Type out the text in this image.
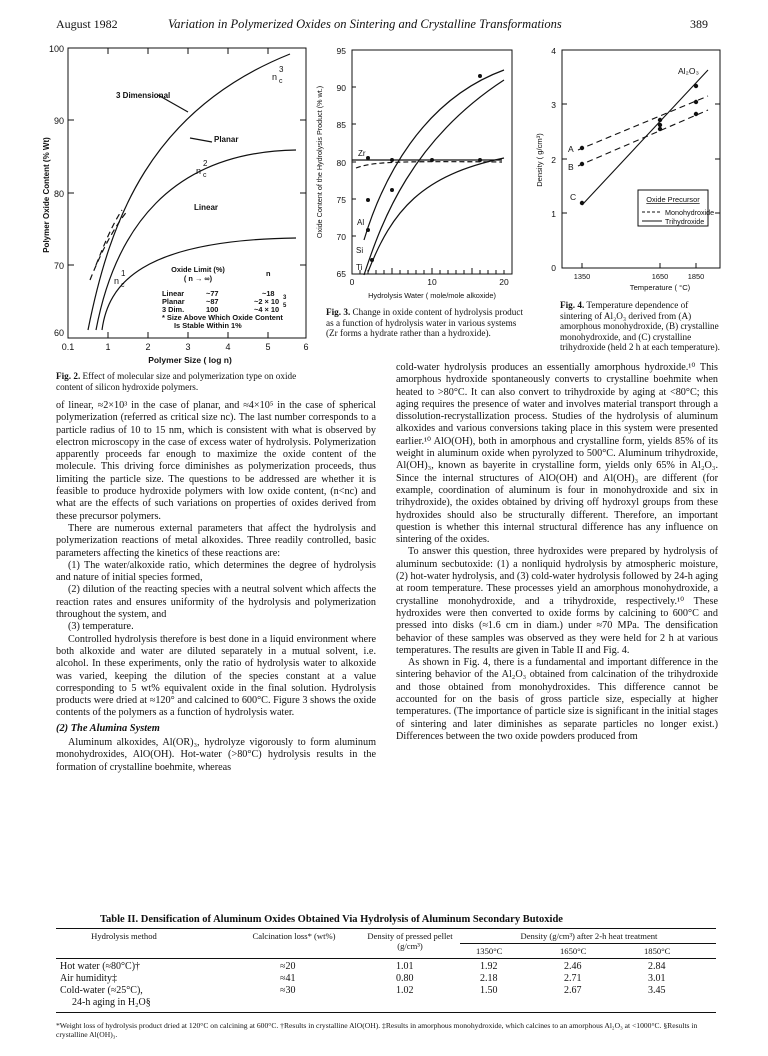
August 1982	Variation in Polymerized Oxides on Sintering and Crystalline Transformations	389
100
90
80
70
60
0.1	1	2	3	4	5	6
Polymer Size ( log n)
Polymer Oxide Content (% Wt)
3 Dimensional
Planar
Linear
n c
3
n c
2
n c
1	Oxide Limit (%)
( n → ∞)
n
Linear	~77	~18
Planar	~87	~2 × 10 3
3 Dim.	100	~4 × 10 5
* Size Above Which Oxide Content
Is Stable Within 1%
Fig. 2. Effect of molecular size and polymerization type on oxide content of silicon hydroxide polymers.
95
90
85
80
75
70
65
0	10	20
Hydrolysis Water ( mole/mole alkoxide)
Oxide Content of the Hydrolysis Product (% wt.)	Zr
Al
Si
Ti
Fig. 3. Change in oxide content of hydrolysis product as a function of hydrolysis water in various systems (Zr forms a hydrate rather than a hydroxide).
4
3
2
1
0
1350	1650	1850
Temperature ( °C)
Density ( g/cm³)
Al₂O₃
A
B
C	Oxide Precursor
Monohydroxide
Trihydroxide
Fig. 4. Temperature dependence of sintering of Al₂O₃ derived from (A) amorphous monohydroxide, (B) crystalline monohydroxide, and (C) crystalline trihydroxide (held 2 h at each temperature).

of linear, ≈2×10³ in the case of planar, and ≈4×10⁵ in the case of spherical polymerization (referred as critical size nc). The last number corresponds to a particle radius of 10 to 15 nm, which is consistent with what is observed by electron microscopy in the case of excess water of hydrolysis. Polymerization apparently proceeds far enough to maximize the oxide content of the molecule. This driving force diminishes as polymerization proceeds, thus limiting the particle size. The questions to be addressed are whether it is feasible to produce hydroxide polymers with low oxide content, (n<nc) and what are the effects of such variations on properties of oxides derived from these precursor polymers.

There are numerous external parameters that affect the hydrolysis and polymerization reactions of metal alkoxides. Three readily controlled, basic parameters affecting the kinetics of these reactions are:

(1) The water/alkoxide ratio, which determines the degree of hydrolysis and nature of initial species formed,

(2) dilution of the reacting species with a neutral solvent which affects the reaction rates and ensures uniformity of the hydrolysis and polymerization throughout the system, and

(3) temperature.

Controlled hydrolysis therefore is best done in a liquid environment where both alkoxide and water are diluted separately in a mutual solvent, i.e. alcohol. In these experiments, only the ratio of hydrolysis water to alkoxide was varied, keeping the dilution of the species constant at a value corresponding to 5 wt% equivalent oxide in the final solution. Hydrolysis products were dried at ≈120° and calcined to 600°C. Figure 3 shows the oxide contents of the polymers as a function of hydrolysis water.

(2) The Alumina System

Aluminum alkoxides, Al(OR)₃, hydrolyze vigorously to form aluminum monohydroxides, AlO(OH). Hot-water (>80°C) hydrolysis results in the formation of crystalline boehmite, whereas

cold-water hydrolysis produces an essentially amorphous hydroxide.¹⁰ This amorphous hydroxide spontaneously converts to crystalline boehmite when heated to >80°C. It can also convert to trihydroxide by aging at <80°C; this aging requires the presence of water and involves material transport through a dissolution-recrystallization process. Studies of the hydrolysis of aluminum alkoxides and various conversions taking place in this system were presented earlier.¹⁰ AlO(OH), both in amorphous and crystalline form, yields 85% of its weight in aluminum oxide when pyrolyzed to 500°C. Aluminum trihydroxide, Al(OH)₃, known as bayerite in crystalline form, yields only 65% in Al₂O₃. Since the internal structures of AlO(OH) and Al(OH)₃ are different (for example, coordination of aluminum is four in monohydroxide and six in trihydroxide), the oxides obtained by driving off hydroxyl groups from these hydroxides should also be structurally different. Therefore, an important question is whether this internal structural difference has any influence on sintering of the oxides.

To answer this question, three hydroxides were prepared by hydrolysis of aluminum secbutoxide: (1) a nonliquid hydrolysis by atmospheric moisture, (2) hot-water hydrolysis, and (3) cold-water hydrolysis followed by 24-h aging at room temperature. These processes yield an amorphous monohydroxide, a crystalline monohydroxide, and a trihydroxide, respectively.¹⁰ These hydroxides were then converted to oxide forms by calcining to 600°C and pressed into disks (≈1.6 cm in diam.) under ≈70 MPa. The densification behavior of these samples was observed as they were held for 2 h at various temperatures. The results are given in Table II and Fig. 4.

As shown in Fig. 4, there is a fundamental and important difference in the sintering behavior of the Al₂O₃ obtained from calcination of the trihydroxide and those obtained from monohydroxides. This difference cannot be accounted for on the basis of gross particle size, especially at higher temperatures. (The importance of particle size is significant in the initial stages of sintering and later diminishes as separate particles no longer exist.) Differences between the two oxide powders produced from

Table II. Densification of Aluminum Oxides Obtained Via Hydrolysis of Aluminum Secondary Butoxide
Hydrolysis method	Calcination loss* (wt%)	Density of pressed pellet (g/cm³)
Density (g/cm³) after 2-h heat treatment
1350°C	1650°C	1850°C
Hot water (≈80°C)†	≈20	1.01	1.92	2.46	2.84
Air humidity‡	≈41	0.80	2.18	2.71	3.01
Cold-water (≈25°C),	≈30	1.02	1.50	2.67	3.45
24-h aging in H₂O§
*Weight loss of hydrolysis product dried at 120°C on calcining at 600°C. †Results in crystalline AlO(OH). ‡Results in amorphous monohydroxide, which calcines to an amorphous Al₂O₃ at <1000°C. §Results in crystalline Al(OH)₃.
